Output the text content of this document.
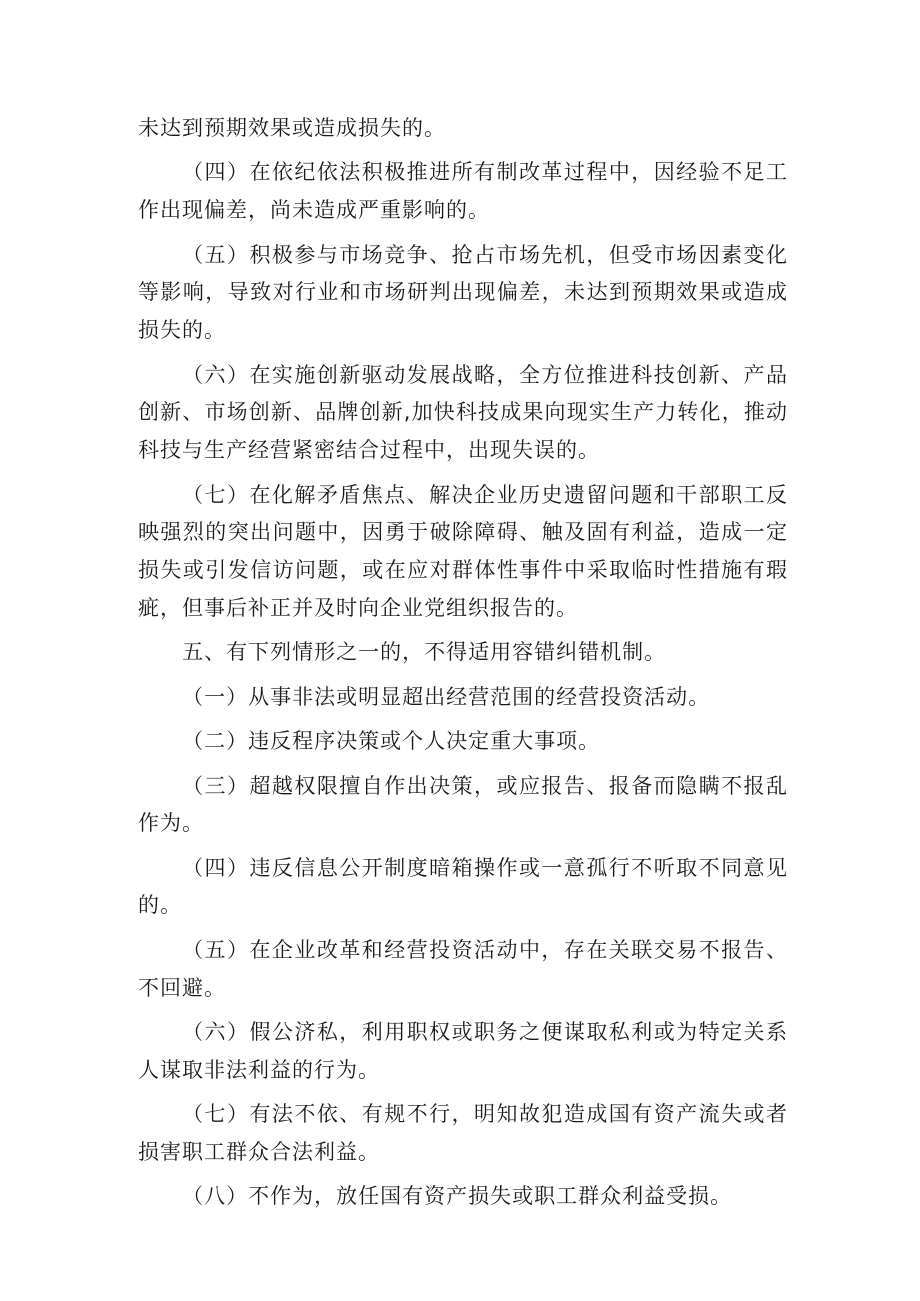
未达到预期效果或造成损失的。

（四）在依纪依法积极推进所有制改革过程中，因经验不足工作出现偏差，尚未造成严重影响的。

（五）积极参与市场竞争、抢占市场先机，但受市场因素变化等影响，导致对行业和市场研判出现偏差，未达到预期效果或造成损失的。

（六）在实施创新驱动发展战略，全方位推进科技创新、产品创新、市场创新、品牌创新,加快科技成果向现实生产力转化，推动科技与生产经营紧密结合过程中，出现失误的。

（七）在化解矛盾焦点、解决企业历史遗留问题和干部职工反映强烈的突出问题中，因勇于破除障碍、触及固有利益，造成一定损失或引发信访问题，或在应对群体性事件中采取临时性措施有瑕疵，但事后补正并及时向企业党组织报告的。

五、有下列情形之一的，不得适用容错纠错机制。

（一）从事非法或明显超出经营范围的经营投资活动。

（二）违反程序决策或个人决定重大事项。

（三）超越权限擅自作出决策，或应报告、报备而隐瞒不报乱作为。

（四）违反信息公开制度暗箱操作或一意孤行不听取不同意见的。

（五）在企业改革和经营投资活动中，存在关联交易不报告、不回避。

（六）假公济私，利用职权或职务之便谋取私利或为特定关系人谋取非法利益的行为。

（七）有法不依、有规不行，明知故犯造成国有资产流失或者损害职工群众合法利益。

（八）不作为，放任国有资产损失或职工群众利益受损。
